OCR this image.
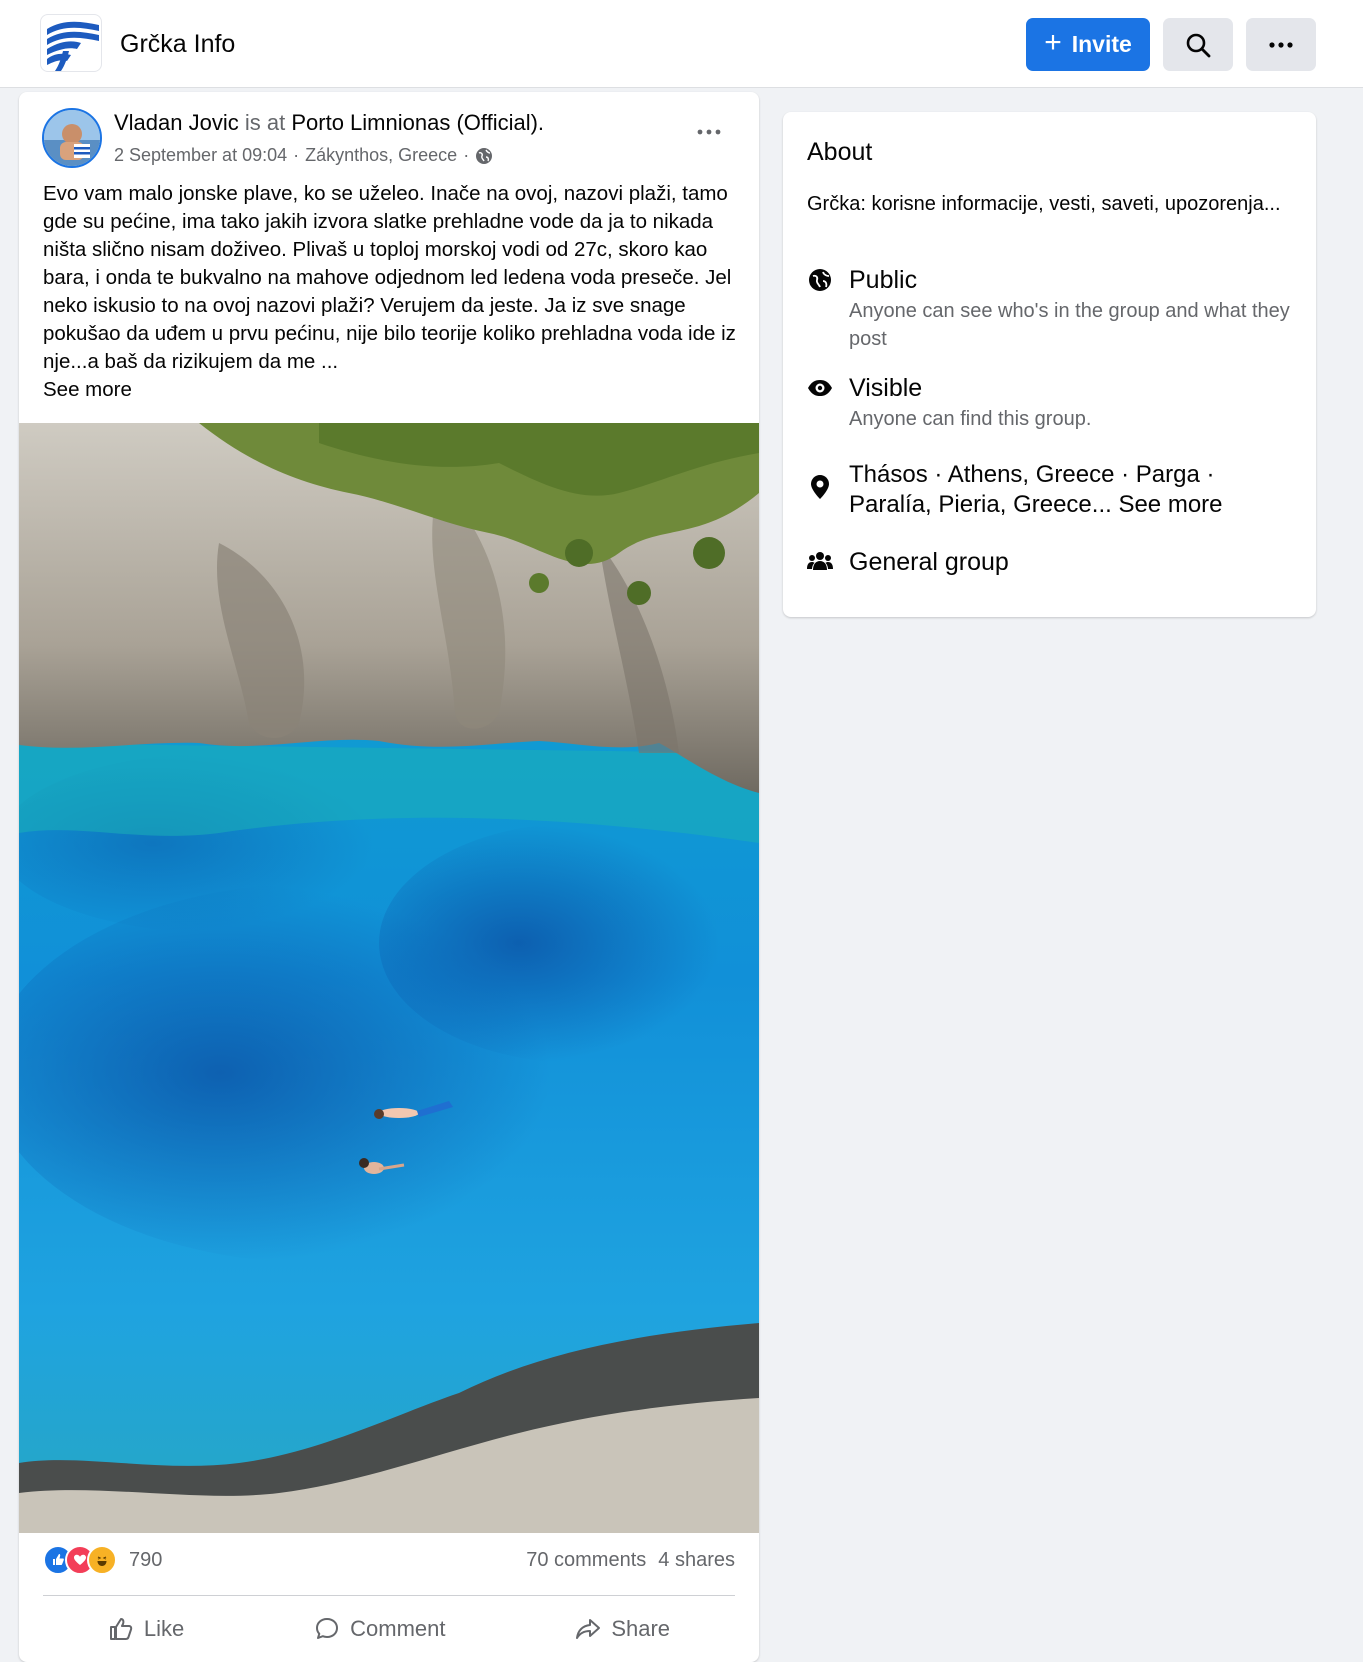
Grčka Info	+ Invite
Vladan Jovic is at Porto Limnionas (Official).
2 September at 09:04 · Zákynthos, Greece ·
Evo vam malo jonske plave, ko se uželeo. Inače na ovoj, nazovi plaži, tamo gde su pećine, ima tako jakih izvora slatke prehladne vode da ja to nikada ništa slično nisam doživeo. Plivaš u toploj morskoj vodi od 27c, skoro kao bara, i onda te bukvalno na mahove odjednom led ledena voda preseče. Jel neko iskusio to na ovoj nazovi plaži? Verujem da jeste. Ja iz sve snage pokušao da uđem u prvu pećinu, nije bilo teorije koliko prehladna voda ide iz nje...a baš da rizikujem da me ...
See more
790	70 comments 4 shares
Like	Comment	Share
About
Grčka: korisne informacije, vesti, saveti, upozorenja...
Public
Anyone can see who's in the group and what they post
Visible
Anyone can find this group.
Thásos · Athens, Greece · Parga · Paralía, Pieria, Greece... See more
General group
